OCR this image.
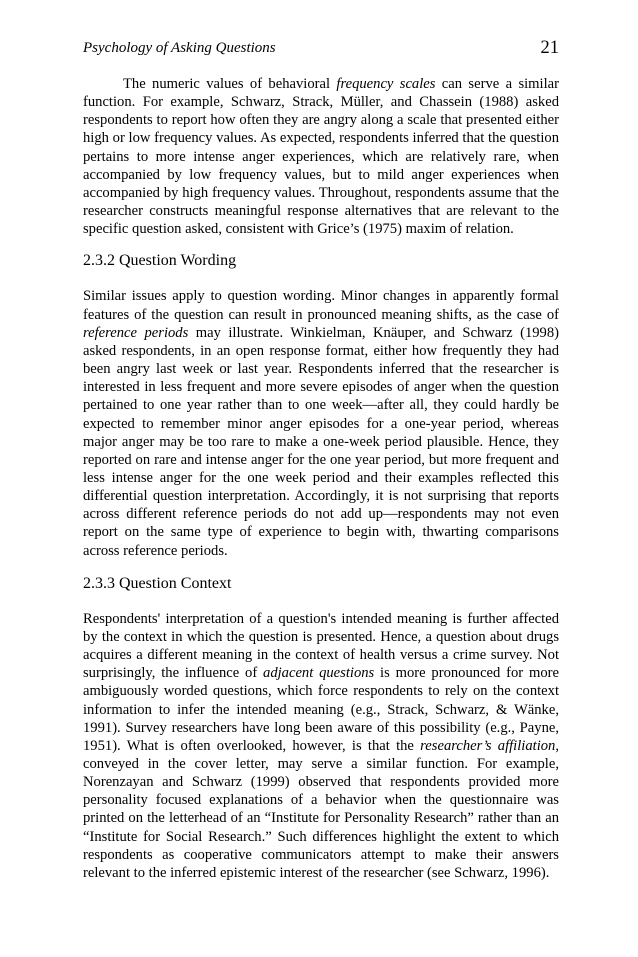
Psychology of Asking Questions	21

The numeric values of behavioral frequency scales can serve a similar function. For example, Schwarz, Strack, Müller, and Chassein (1988) asked respondents to report how often they are angry along a scale that presented either high or low frequency values. As expected, respondents inferred that the question pertains to more intense anger experiences, which are relatively rare, when accompanied by low frequency values, but to mild anger experiences when accompanied by high frequency values. Throughout, respondents assume that the researcher constructs meaningful response alternatives that are relevant to the specific question asked, consistent with Grice’s (1975) maxim of relation.

2.3.2 Question Wording

Similar issues apply to question wording. Minor changes in apparently formal features of the question can result in pronounced meaning shifts, as the case of reference periods may illustrate. Winkielman, Knäuper, and Schwarz (1998) asked respondents, in an open response format, either how frequently they had been angry last week or last year. Respondents inferred that the researcher is interested in less frequent and more severe episodes of anger when the question pertained to one year rather than to one week—after all, they could hardly be expected to remember minor anger episodes for a one-year period, whereas major anger may be too rare to make a one-week period plausible. Hence, they reported on rare and intense anger for the one year period, but more frequent and less intense anger for the one week period and their examples reflected this differential question interpretation. Accordingly, it is not surprising that reports across different reference periods do not add up—respondents may not even report on the same type of experience to begin with, thwarting comparisons across reference periods.

2.3.3 Question Context

Respondents' interpretation of a question's intended meaning is further affected by the context in which the question is presented. Hence, a question about drugs acquires a different meaning in the context of health versus a crime survey. Not surprisingly, the influence of adjacent questions is more pronounced for more ambiguously worded questions, which force respondents to rely on the context information to infer the intended meaning (e.g., Strack, Schwarz, & Wänke, 1991). Survey researchers have long been aware of this possibility (e.g., Payne, 1951). What is often overlooked, however, is that the researcher’s affiliation, conveyed in the cover letter, may serve a similar function. For example, Norenzayan and Schwarz (1999) observed that respondents provided more personality focused explanations of a behavior when the questionnaire was printed on the letterhead of an “Institute for Personality Research” rather than an “Institute for Social Research.” Such differences highlight the extent to which respondents as cooperative communicators attempt to make their answers relevant to the inferred epistemic interest of the researcher (see Schwarz, 1996).
